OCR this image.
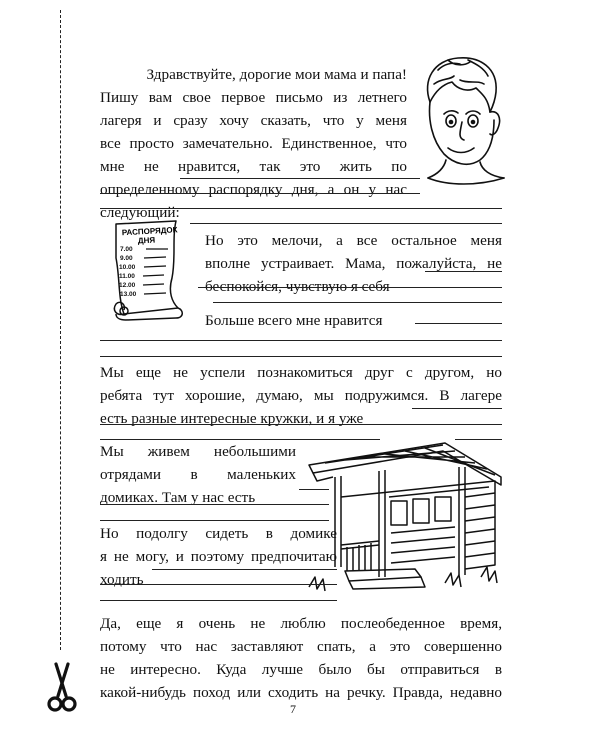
Здравствуйте, дорогие мои мама и папа!
Пишу вам свое первое письмо из летнего
лагеря и сразу хочу сказать, что у меня
все просто замечательно. Единственное, что
мне не нравится, так это жить по
определенному распорядку дня, а он у нас
следующий:
РАСПОРЯДОК
ДНЯ
7.00
9.00
10.00
11.00
12.00
13.00
Но это мелочи, а все остальное меня
вполне устраивает. Мама, пожалуйста, не
беспокойся, чувствую я себя
Больше всего мне нравится
Мы еще не успели познакомиться друг с другом, но
ребята тут хорошие, думаю, мы подружимся. В лагере
есть разные интересные кружки, и я уже
Мы живем небольшими
отрядами в маленьких
домиках. Там у нас есть
Но подолгу сидеть в домике
я не могу, и поэтому предпочитаю
ходить
Да, еще я очень не люблю послеобеденное время,
потому что нас заставляют спать, а это совершенно
не интересно. Куда лучше было бы отправиться в
какой-нибудь поход или сходить на речку. Правда, недавно
7
